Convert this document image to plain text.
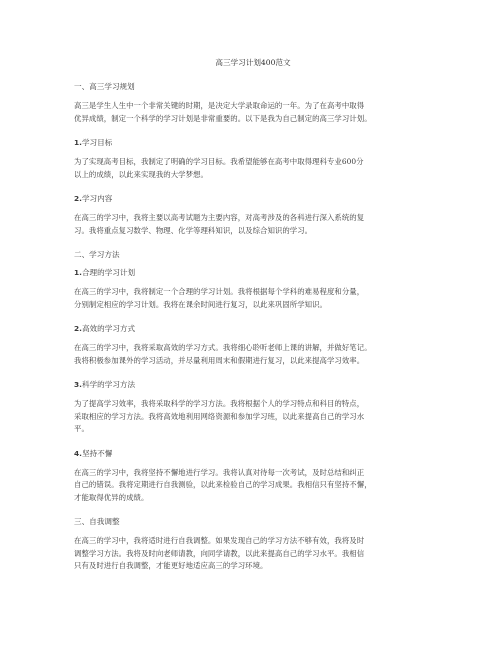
高三学习计划400范文
一、高三学习规划
高三是学生人生中一个非常关键的时期，是决定大学录取命运的一年。为了在高考中取得
优异成绩，制定一个科学的学习计划是非常重要的。以下是我为自己制定的高三学习计划。
1.学习目标
为了实现高考目标，我制定了明确的学习目标。我希望能够在高考中取得理科专业600分
以上的成绩，以此来实现我的大学梦想。
2.学习内容
在高三的学习中，我将主要以高考试题为主要内容，对高考涉及的各科进行深入系统的复
习。我将重点复习数学、物理、化学等理科知识，以及综合知识的学习。
二、学习方法
1.合理的学习计划
在高三的学习中，我将制定一个合理的学习计划。我将根据每个学科的难易程度和分量，
分别制定相应的学习计划。我将在课余时间进行复习，以此来巩固所学知识。
2.高效的学习方式
在高三的学习中，我将采取高效的学习方式。我将细心聆听老师上课的讲解，并做好笔记。
我将积极参加课外的学习活动，并尽量利用周末和假期进行复习，以此来提高学习效率。
3.科学的学习方法
为了提高学习效率，我将采取科学的学习方法。我将根据个人的学习特点和科目的特点，
采取相应的学习方法。我将高效地利用网络资源和参加学习班，以此来提高自己的学习水
平。
4.坚持不懈
在高三的学习中，我将坚持不懈地进行学习。我将认真对待每一次考试，及时总结和纠正
自己的错误。我将定期进行自我测验，以此来检验自己的学习成果。我相信只有坚持不懈，
才能取得优异的成绩。
三、自我调整
在高三的学习中，我将适时进行自我调整。如果发现自己的学习方法不够有效，我将及时
调整学习方法。我将及时向老师请教，向同学请教，以此来提高自己的学习水平。我相信
只有及时进行自我调整，才能更好地适应高三的学习环境。
